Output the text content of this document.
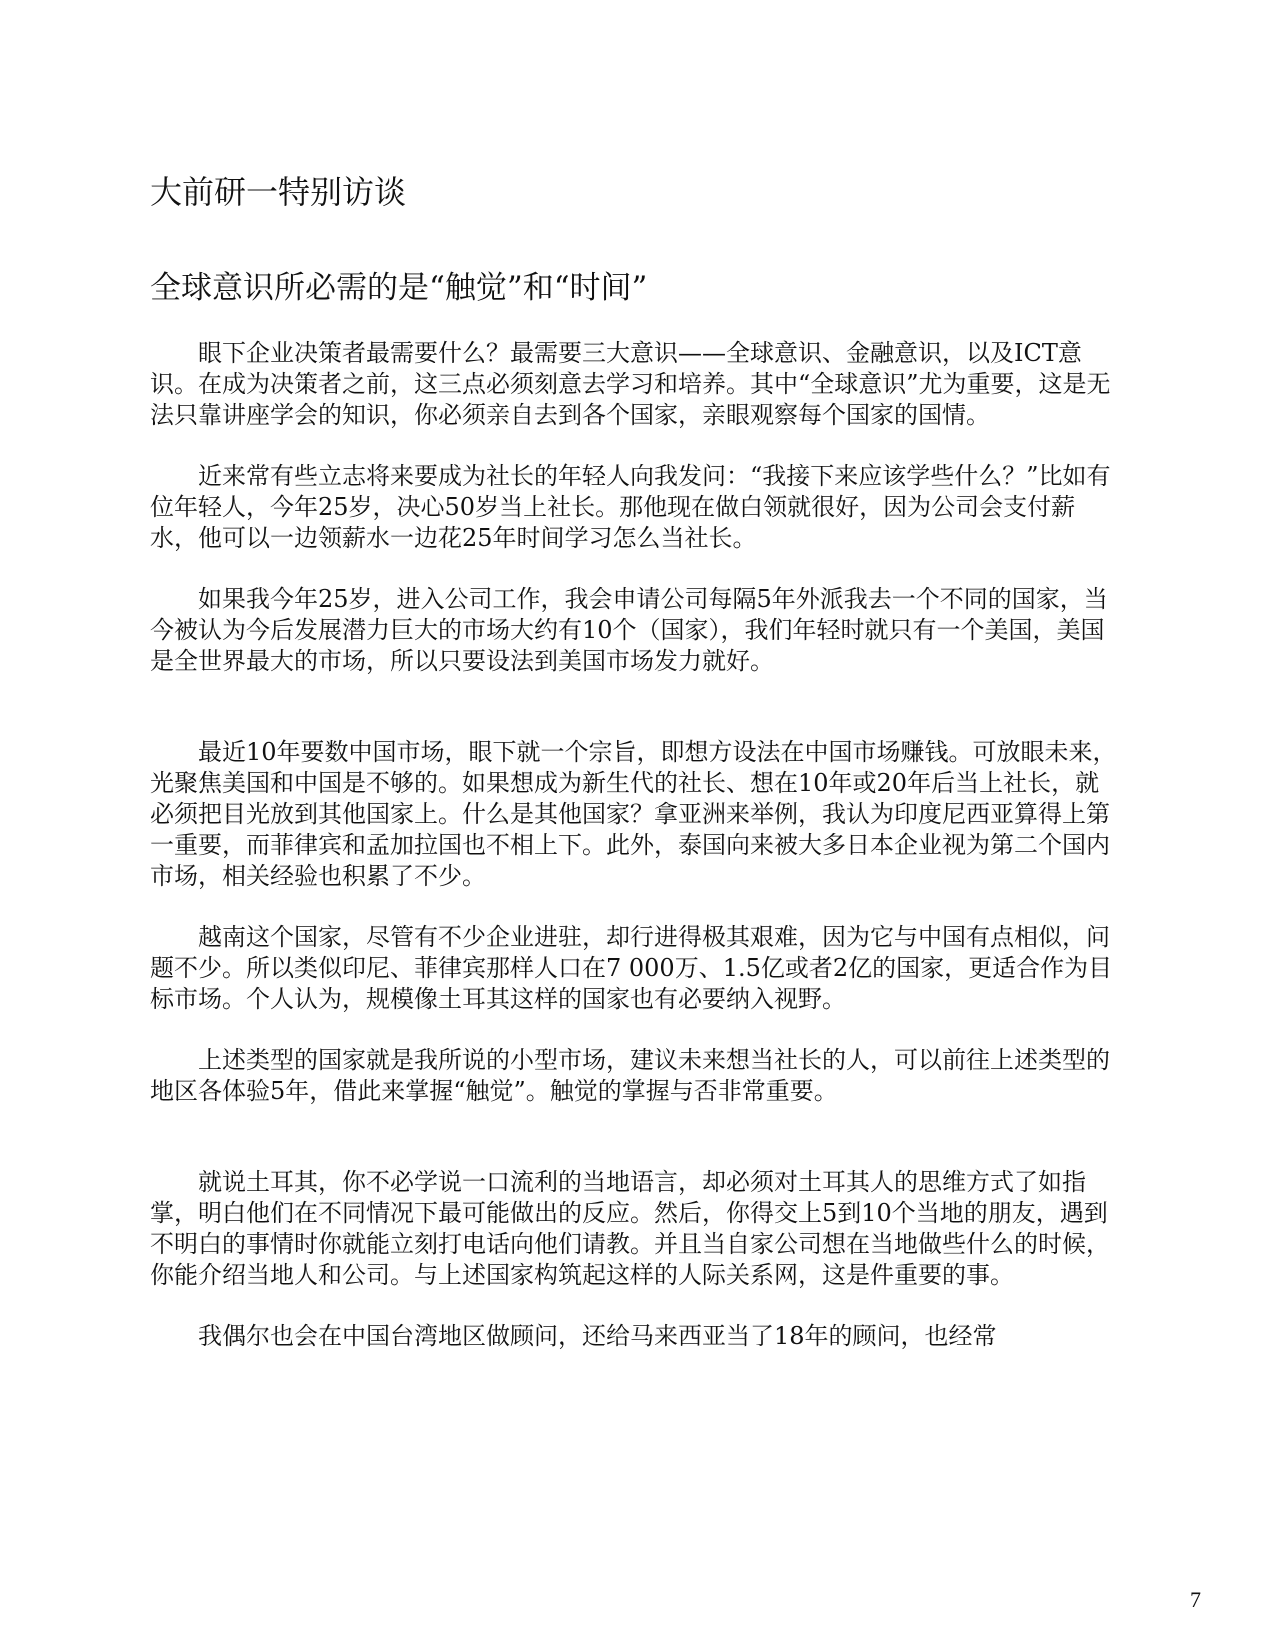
大前研一特别访谈
全球意识所必需的是“触觉”和“时间”

眼下企业决策者最需要什么？最需要三大意识——全球意识、金融意识，以及ICT意识。在成为决策者之前，这三点必须刻意去学习和培养。其中“全球意识”尤为重要，这是无法只靠讲座学会的知识，你必须亲自去到各个国家，亲眼观察每个国家的国情。

近来常有些立志将来要成为社长的年轻人向我发问：“我接下来应该学些什么？”比如有位年轻人，今年25岁，决心50岁当上社长。那他现在做白领就很好，因为公司会支付薪水，他可以一边领薪水一边花25年时间学习怎么当社长。

如果我今年25岁，进入公司工作，我会申请公司每隔5年外派我去一个不同的国家，当今被认为今后发展潜力巨大的市场大约有10个（国家），我们年轻时就只有一个美国，美国是全世界最大的市场，所以只要设法到美国市场发力就好。

最近10年要数中国市场，眼下就一个宗旨，即想方设法在中国市场赚钱。可放眼未来，光聚焦美国和中国是不够的。如果想成为新生代的社长、想在10年或20年后当上社长，就必须把目光放到其他国家上。什么是其他国家？拿亚洲来举例，我认为印度尼西亚算得上第一重要，而菲律宾和孟加拉国也不相上下。此外，泰国向来被大多日本企业视为第二个国内市场，相关经验也积累了不少。

越南这个国家，尽管有不少企业进驻，却行进得极其艰难，因为它与中国有点相似，问题不少。所以类似印尼、菲律宾那样人口在7 000万、1.5亿或者2亿的国家，更适合作为目标市场。个人认为，规模像土耳其这样的国家也有必要纳入视野。

上述类型的国家就是我所说的小型市场，建议未来想当社长的人，可以前往上述类型的地区各体验5年，借此来掌握“触觉”。触觉的掌握与否非常重要。

就说土耳其，你不必学说一口流利的当地语言，却必须对土耳其人的思维方式了如指掌，明白他们在不同情况下最可能做出的反应。然后，你得交上5到10个当地的朋友，遇到不明白的事情时你就能立刻打电话向他们请教。并且当自家公司想在当地做些什么的时候，你能介绍当地人和公司。与上述国家构筑起这样的人际关系网，这是件重要的事。

我偶尔也会在中国台湾地区做顾问，还给马来西亚当了18年的顾问，也经常

7
